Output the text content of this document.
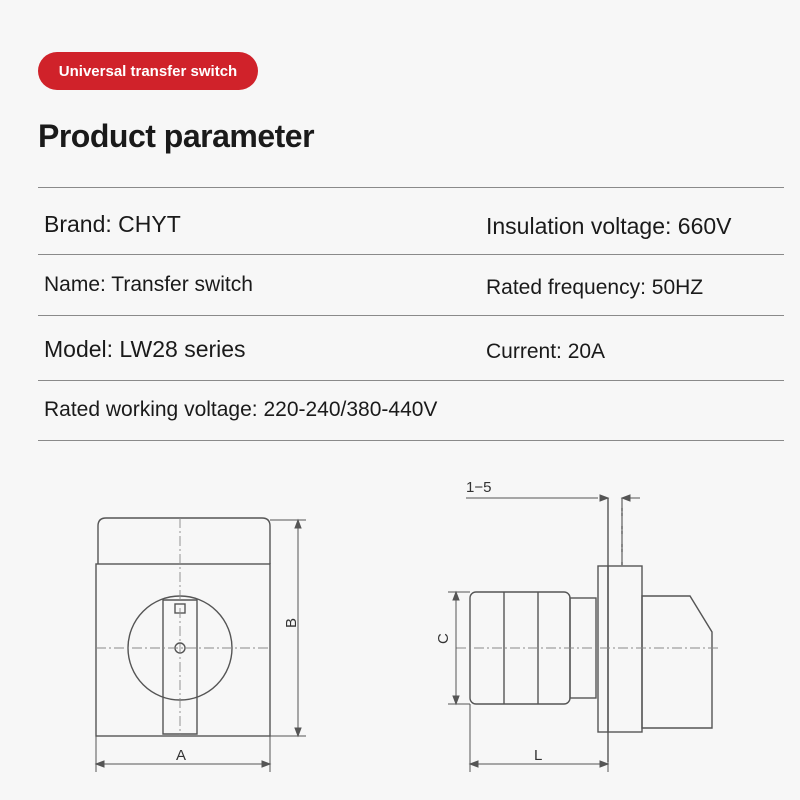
Universal transfer switch
Product parameter
Brand: CHYT	Insulation voltage: 660V
Name: Transfer switch	Rated frequency: 50HZ
Model: LW28 series	Current: 20A
Rated working voltage: 220-240/380-440V
A
B
C
L
1−5
